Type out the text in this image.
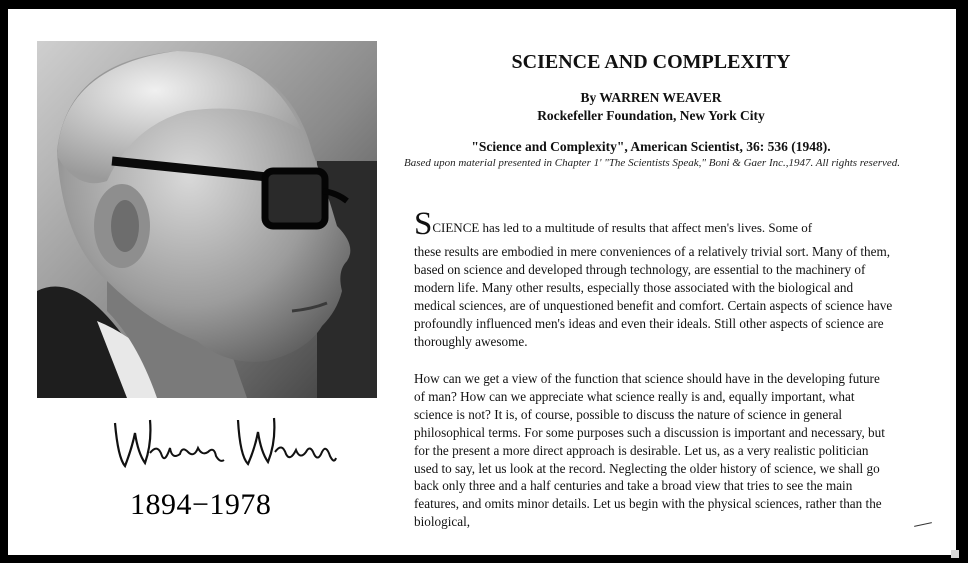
1894−1978
SCIENCE AND COMPLEXITY
By WARREN WEAVER
Rockefeller Foundation, New York City
"Science and Complexity", American Scientist, 36: 536 (1948).
Based upon material presented in Chapter 1' "The Scientists Speak," Boni & Gaer Inc.,1947. All rights reserved.
SCIENCE has led to a multitude of results that affect men's lives. Some of
these results are embodied in mere conveniences of a relatively trivial sort. Many of them, based on science and developed through technology, are essential to the machinery of modern life. Many other results, especially those associated with the biological and medical sciences, are of unquestioned benefit and comfort. Certain aspects of science have profoundly influenced men's ideas and even their ideals. Still other aspects of science are thoroughly awesome.
How can we get a view of the function that science should have in the developing future of man? How can we appreciate what science really is and, equally important, what science is not? It is, of course, possible to discuss the nature of science in general philosophical terms. For some purposes such a discussion is important and necessary, but for the present a more direct approach is desirable. Let us, as a very realistic politician used to say, let us look at the record. Neglecting the older history of science, we shall go back only three and a half centuries and take a broad view that tries to see the main features, and omits minor details. Let us begin with the physical sciences, rather than the biological,
